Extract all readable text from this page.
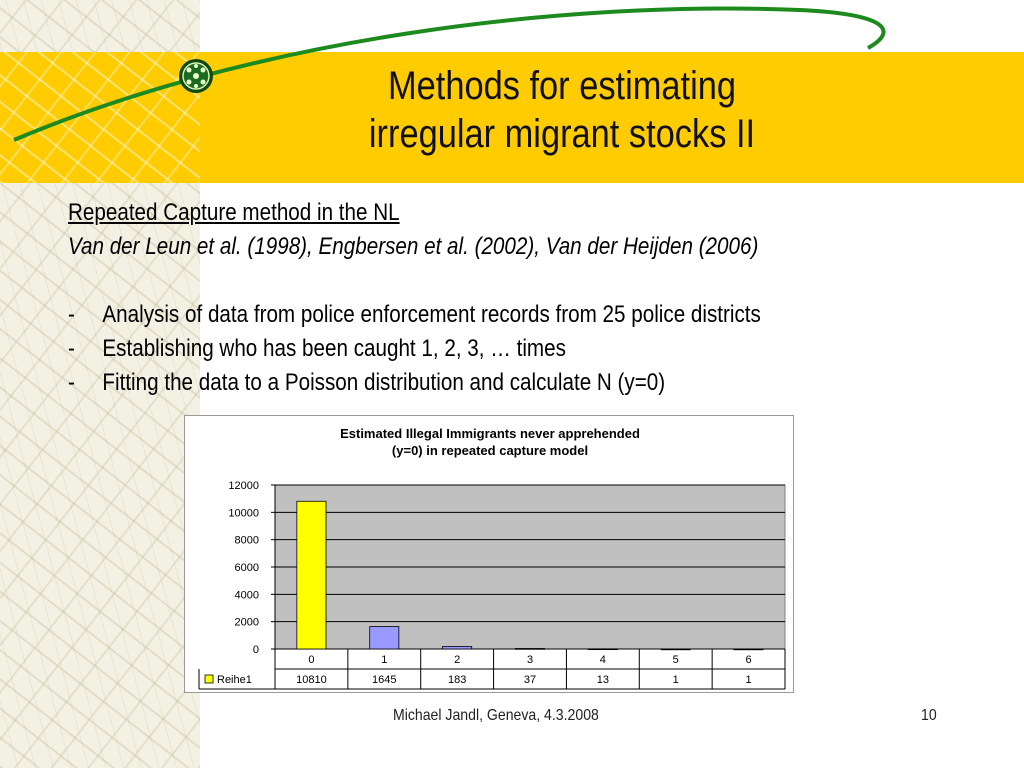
Methods for estimating
irregular migrant stocks II
Repeated Capture method in the NL
Van der Leun et al. (1998), Engbersen et al. (2002), Van der Heijden (2006)
- Analysis of data from police enforcement records from 25 police districts
- Establishing who has been caught 1, 2, 3, … times
- Fitting the data to a Poisson distribution and calculate N (y=0)
Estimated Illegal Immigrants never apprehended
(y=0) in repeated capture model
0
2000
4000
6000
8000
10000
12000
0
10810
1
1645
2
183
3
37
4
13
5
1
6
1
Reihe1
Michael Jandl, Geneva, 4.3.2008	10
